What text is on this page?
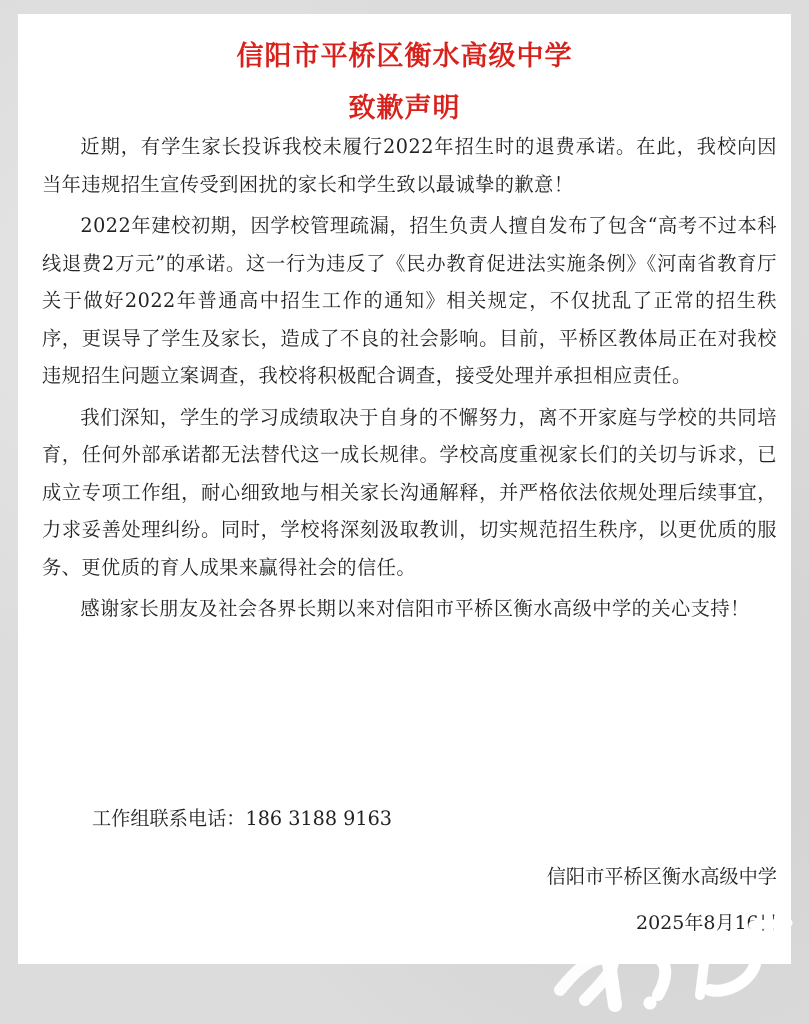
信阳市平桥区衡水高级中学
致歉声明

近期，有学生家长投诉我校未履行2022年招生时的退费承诺。在此，我校向因当年违规招生宣传受到困扰的家长和学生致以最诚挚的歉意！

2022年建校初期，因学校管理疏漏，招生负责人擅自发布了包含“高考不过本科线退费2万元”的承诺。这一行为违反了《民办教育促进法实施条例》《河南省教育厅关于做好2022年普通高中招生工作的通知》相关规定，不仅扰乱了正常的招生秩序，更误导了学生及家长，造成了不良的社会影响。目前，平桥区教体局正在对我校违规招生问题立案调查，我校将积极配合调查，接受处理并承担相应责任。

我们深知，学生的学习成绩取决于自身的不懈努力，离不开家庭与学校的共同培育，任何外部承诺都无法替代这一成长规律。学校高度重视家长们的关切与诉求，已成立专项工作组，耐心细致地与相关家长沟通解释，并严格依法依规处理后续事宜，力求妥善处理纠纷。同时，学校将深刻汲取教训，切实规范招生秩序，以更优质的服务、更优质的育人成果来赢得社会的信任。

感谢家长朋友及社会各界长期以来对信阳市平桥区衡水高级中学的关心支持！

工作组联系电话：186 3188 9163
信阳市平桥区衡水高级中学
2025年8月16日
